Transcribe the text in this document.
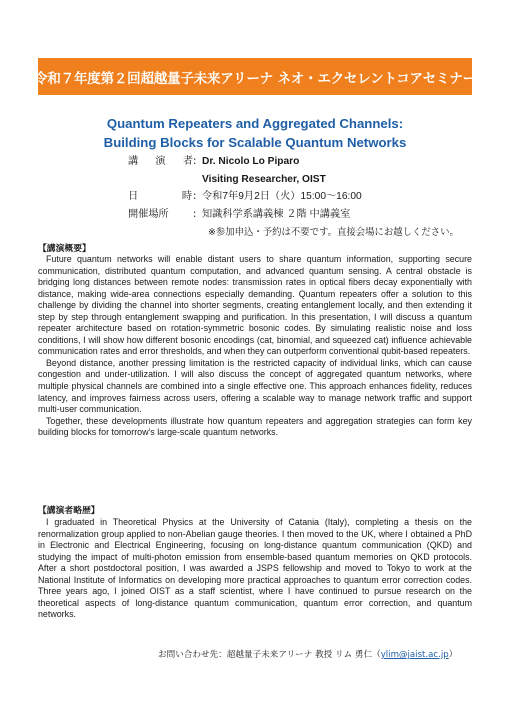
令和７年度第２回超越量子未来アリーナ ネオ・エクセレントコアセミナー
Quantum Repeaters and Aggregated Channels:
Building Blocks for Scalable Quantum Networks
講 演 者 : Dr. Nicolo Lo Piparo
Visiting Researcher, OIST
日	時 : 令和7年9月2日（火）15:00～16:00
開催場所	: 知識科学系講義棟 ２階 中講義室
※参加申込・予約は不要です。直接会場にお越しください。
【講演概要】

Future quantum networks will enable distant users to share quantum information, supporting secure communication, distributed quantum computation, and advanced quantum sensing. A central obstacle is bridging long distances between remote nodes: transmission rates in optical fibers decay exponentially with distance, making wide-area connections especially demanding. Quantum repeaters offer a solution to this challenge by dividing the channel into shorter segments, creating entanglement locally, and then extending it step by step through entanglement swapping and purification. In this presentation, I will discuss a quantum repeater architecture based on rotation-symmetric bosonic codes. By simulating realistic noise and loss conditions, I will show how different bosonic encodings (cat, binomial, and squeezed cat) influence achievable communication rates and error thresholds, and when they can outperform conventional qubit-based repeaters.

Beyond distance, another pressing limitation is the restricted capacity of individual links, which can cause congestion and under-utilization. I will also discuss the concept of aggregated quantum networks, where multiple physical channels are combined into a single effective one. This approach enhances fidelity, reduces latency, and improves fairness across users, offering a scalable way to manage network traffic and support multi-user communication.

Together, these developments illustrate how quantum repeaters and aggregation strategies can form key building blocks for tomorrow’s large-scale quantum networks.

【講演者略歴】

I graduated in Theoretical Physics at the University of Catania (Italy), completing a thesis on the renormalization group applied to non-Abelian gauge theories. I then moved to the UK, where I obtained a PhD in Electronic and Electrical Engineering, focusing on long-distance quantum communication (QKD) and studying the impact of multi-photon emission from ensemble-based quantum memories on QKD protocols. After a short postdoctoral position, I was awarded a JSPS fellowship and moved to Tokyo to work at the National Institute of Informatics on developing more practical approaches to quantum error correction codes. Three years ago, I joined OIST as a staff scientist, where I have continued to pursue research on the theoretical aspects of long-distance quantum communication, quantum error correction, and quantum networks.

お問い合わせ先：超越量子未来アリーナ 教授 リム 勇仁（ylim@jaist.ac.jp）
